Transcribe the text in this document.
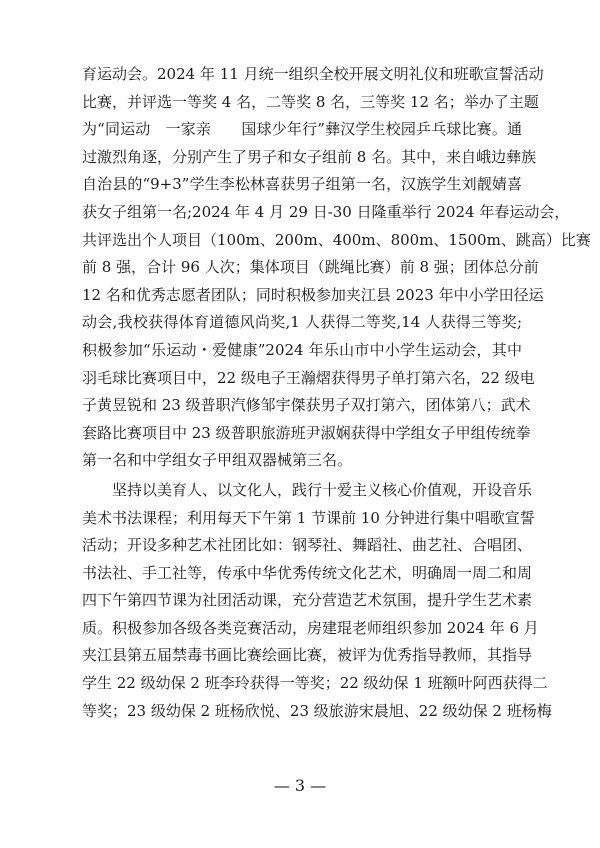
育运动会。2024 年 11 月统一组织全校开展文明礼仪和班歌宣誓活动
比赛，并评选一等奖 4 名，二等奖 8 名，三等奖 12 名；举办了主题
为“同运动　一家亲　　国球少年行”彝汉学生校园乒乓球比赛。通
过激烈角逐，分别产生了男子和女子组前 8 名。其中，来自峨边彝族
自治县的“9+3”学生李松林喜获男子组第一名，汉族学生刘靓婧喜
获女子组第一名;2024 年 4 月 29 日-30 日隆重举行 2024 年春运动会，
共评选出个人项目（100m、200m、400m、800m、1500m、跳高）比赛
前 8 强，合计 96 人次；集体项目（跳绳比赛）前 8 强；团体总分前
12 名和优秀志愿者团队；同时积极参加夹江县 2023 年中小学田径运
动会,我校获得体育道德风尚奖,1 人获得二等奖,14 人获得三等奖;
积极参加“乐运动・爱健康”2024 年乐山市中小学生运动会，其中
羽毛球比赛项目中，22 级电子王瀚熠获得男子单打第六名，22 级电
子黄昱锐和 23 级普职汽修邹宇傑获男子双打第六，团体第八；武术
套路比赛项目中 23 级普职旅游班尹淑娴获得中学组女子甲组传统拳
第一名和中学组女子甲组双器械第三名。
坚持以美育人、以文化人，践行十爱主义核心价值观，开设音乐
美术书法课程；利用每天下午第 1 节课前 10 分钟进行集中唱歌宣誓
活动；开设多种艺术社团比如：钢琴社、舞蹈社、曲艺社、合唱团、
书法社、手工社等，传承中华优秀传统文化艺术，明确周一周二和周
四下午第四节课为社团活动课，充分营造艺术氛围，提升学生艺术素
质。积极参加各级各类竞赛活动，房建琨老师组织参加 2024 年 6 月
夹江县第五届禁毒书画比赛绘画比赛，被评为优秀指导教师，其指导
学生 22 级幼保 2 班李玲获得一等奖；22 级幼保 1 班额叶阿西获得二
等奖；23 级幼保 2 班杨欣悦、23 级旅游宋晨旭、22 级幼保 2 班杨梅
— 3 —
